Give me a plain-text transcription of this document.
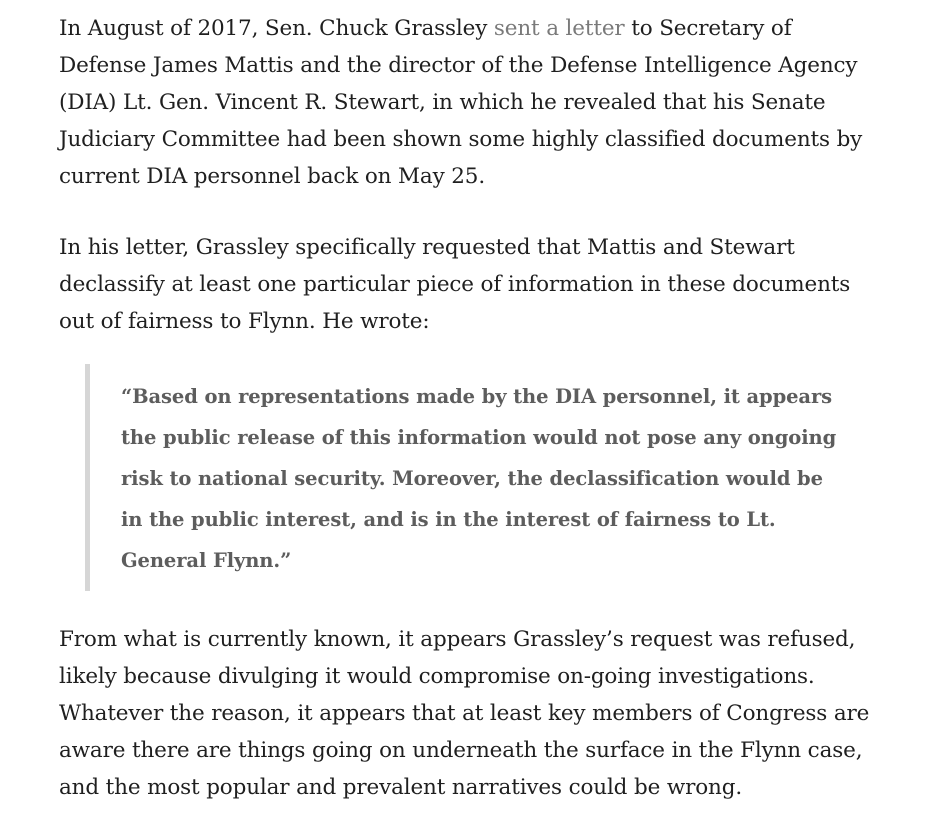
In August of 2017, Sen. Chuck Grassley sent a letter to Secretary of Defense James Mattis and the director of the Defense Intelligence Agency (DIA) Lt. Gen. Vincent R. Stewart, in which he revealed that his Senate Judiciary Committee had been shown some highly classified documents by current DIA personnel back on May 25.

In his letter, Grassley specifically requested that Mattis and Stewart declassify at least one particular piece of information in these documents out of fairness to Flynn. He wrote:

“Based on representations made by the DIA personnel, it appears the public release of this information would not pose any ongoing risk to national security. Moreover, the declassification would be in the public interest, and is in the interest of fairness to Lt. General Flynn.”

From what is currently known, it appears Grassley’s request was refused, likely because divulging it would compromise on-going investigations. Whatever the reason, it appears that at least key members of Congress are aware there are things going on underneath the surface in the Flynn case, and the most popular and prevalent narratives could be wrong.
